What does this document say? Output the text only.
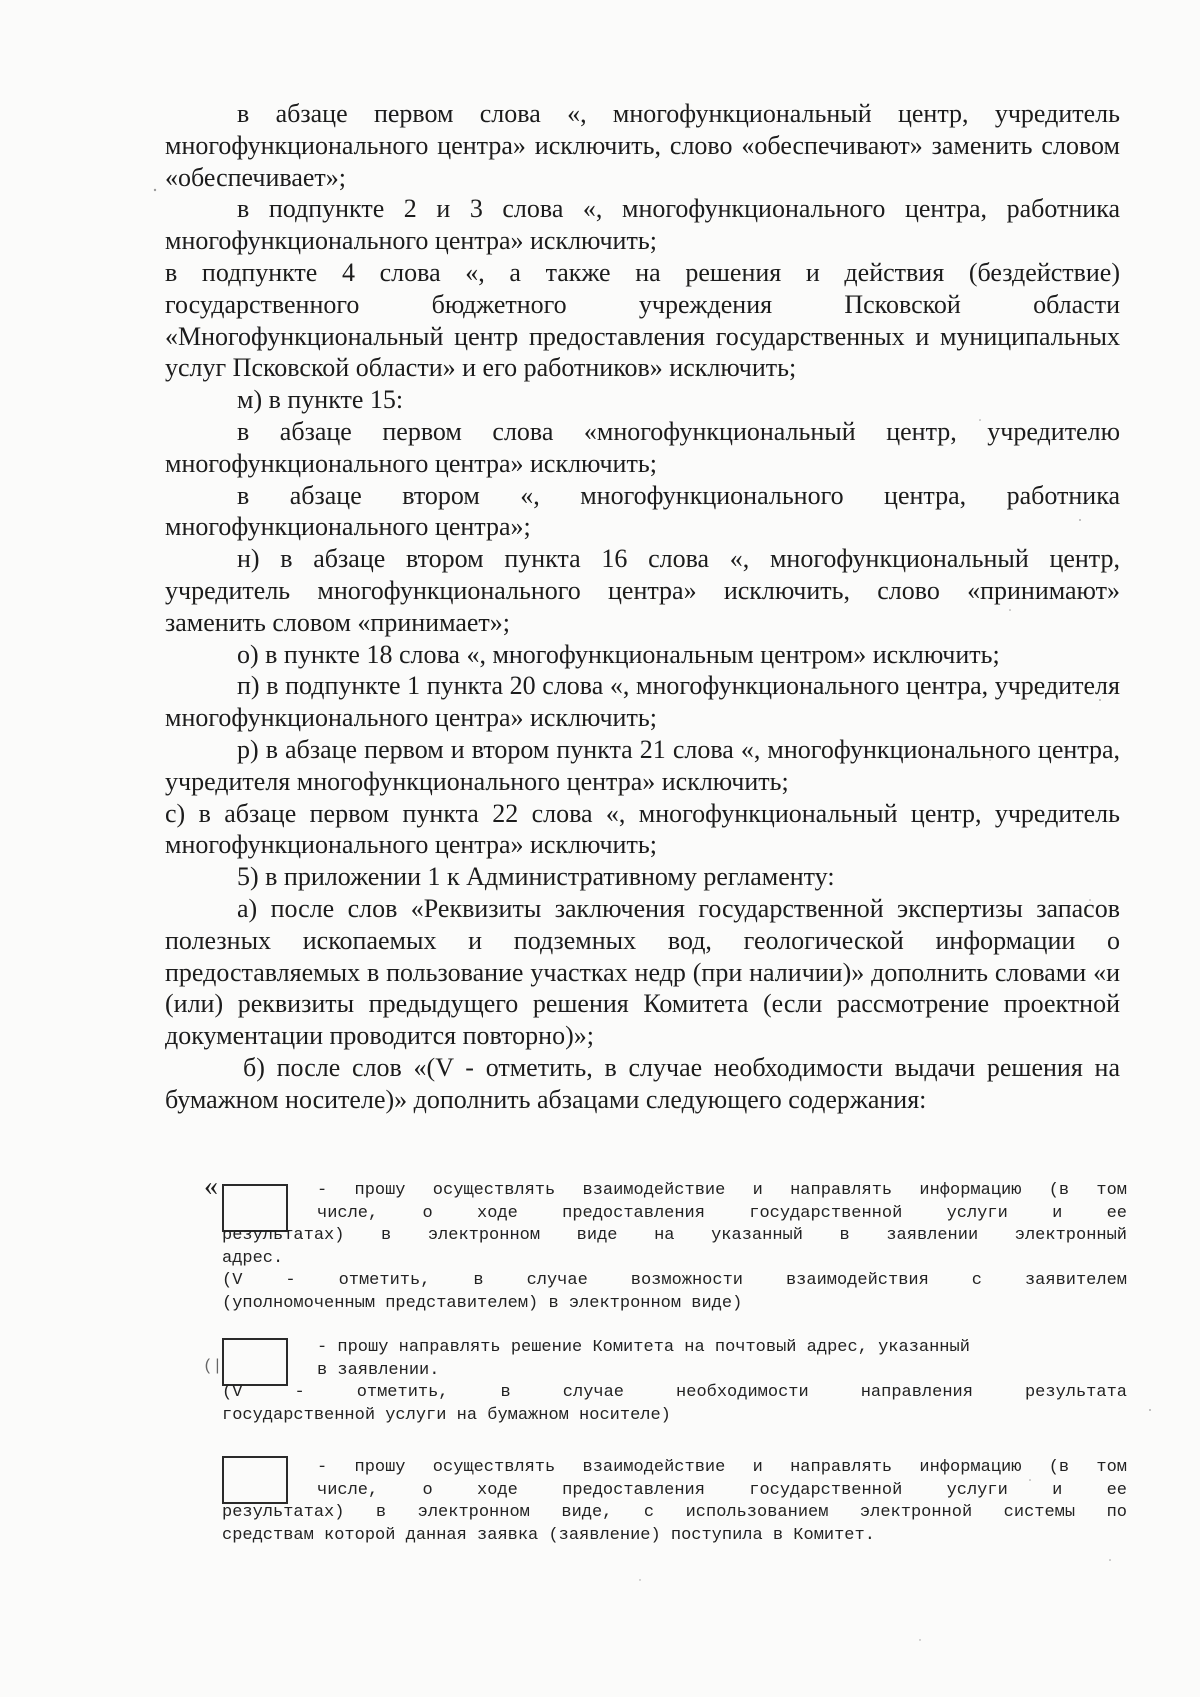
в абзаце первом слова «, многофункциональный центр, учредитель многофункционального центра» исключить, слово «обеспечивают» заменить словом «обеспечивает»;

в подпункте 2 и 3 слова «, многофункционального центра, работника многофункционального центра» исключить;

в подпункте 4 слова «, а также на решения и действия (бездействие) государственного бюджетного учреждения Псковской области «Многофункциональный центр предоставления государственных и муниципальных услуг Псковской области» и его работников» исключить;

м) в пункте 15:

в абзаце первом слова «многофункциональный центр, учредителю многофункционального центра» исключить;

в абзаце втором «, многофункционального центра, работника многофункционального центра»;

н) в абзаце втором пункта 16 слова «, многофункциональный центр, учредитель многофункционального центра» исключить, слово «принимают» заменить словом «принимает»;

о) в пункте 18 слова «, многофункциональным центром» исключить;

п) в подпункте 1 пункта 20 слова «, многофункционального центра, учредителя многофункционального центра» исключить;

р) в абзаце первом и втором пункта 21 слова «, многофункционального центра, учредителя многофункционального центра» исключить;

с) в абзаце первом пункта 22 слова «, многофункциональный центр, учредитель многофункционального центра» исключить;

5) в приложении 1 к Административному регламенту:

а) после слов «Реквизиты заключения государственной экспертизы запасов полезных ископаемых и подземных вод, геологической информации о предоставляемых в пользование участках недр (при наличии)» дополнить словами «и (или) реквизиты предыдущего решения Комитета (если рассмотрение проектной документации проводится повторно)»;

б) после слов «(V - отметить, в случае необходимости выдачи решения на бумажном носителе)» дополнить абзацами следующего содержания:

«	- прошу осуществлять взаимодействие и направлять информацию (в том

числе, о ходе предоставления государственной услуги и ее

результатах) в электронном виде на указанный в заявлении электронный

адрес.

(V - отметить, в случае возможности взаимодействия с заявителем

(уполномоченным представителем) в электронном виде)

(|

- прошу направлять решение Комитета на почтовый адрес, указанный

в заявлении.

(V - отметить, в случае необходимости направления результата

государственной услуги на бумажном носителе)

- прошу осуществлять взаимодействие и направлять информацию (в том

числе, о ходе предоставления государственной услуги и ее

результатах) в электронном виде, с использованием электронной системы по

средствам которой данная заявка (заявление) поступила в Комитет.
